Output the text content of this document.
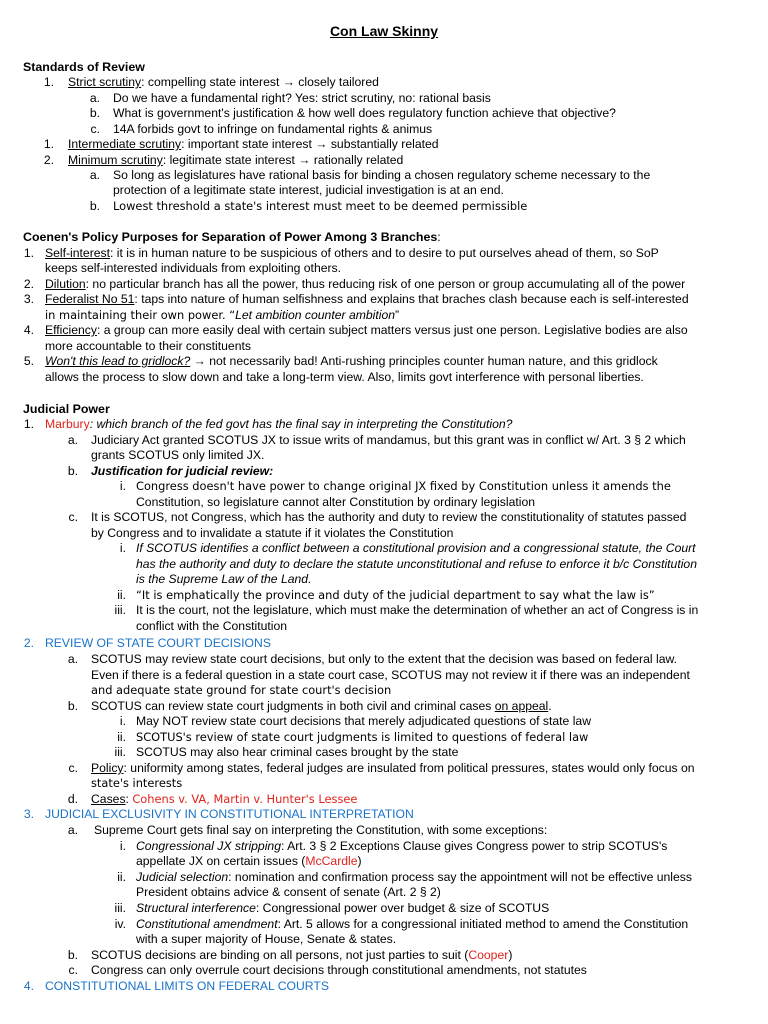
Con Law Skinny
Standards of Review
1. Strict scrutiny: compelling state interest → closely tailored
a. Do we have a fundamental right? Yes: strict scrutiny, no: rational basis
b. What is government's justification & how well does regulatory function achieve that objective?
c. 14A forbids govt to infringe on fundamental rights & animus
1. Intermediate scrutiny: important state interest → substantially related
2. Minimum scrutiny: legitimate state interest → rationally related
a. So long as legislatures have rational basis for binding a chosen regulatory scheme necessary to the
protection of a legitimate state interest, judicial investigation is at an end.
b. Lowest threshold a state's interest must meet to be deemed permissible
Coenen's Policy Purposes for Separation of Power Among 3 Branches:
1. Self-interest: it is in human nature to be suspicious of others and to desire to put ourselves ahead of them, so SoP
keeps self-interested individuals from exploiting others.
2. Dilution: no particular branch has all the power, thus reducing risk of one person or group accumulating all of the power
3. Federalist No 51: taps into nature of human selfishness and explains that braches clash because each is self-interested
in maintaining their own power. “Let ambition counter ambition”
4. Efficiency: a group can more easily deal with certain subject matters versus just one person. Legislative bodies are also
more accountable to their constituents
5. Won't this lead to gridlock? → not necessarily bad! Anti-rushing principles counter human nature, and this gridlock
allows the process to slow down and take a long-term view. Also, limits govt interference with personal liberties.
Judicial Power
1. Marbury: which branch of the fed govt has the final say in interpreting the Constitution?
a. Judiciary Act granted SCOTUS JX to issue writs of mandamus, but this grant was in conflict w/ Art. 3 § 2 which
grants SCOTUS only limited JX.
b. Justification for judicial review:
i. Congress doesn't have power to change original JX fixed by Constitution unless it amends the
Constitution, so legislature cannot alter Constitution by ordinary legislation
c. It is SCOTUS, not Congress, which has the authority and duty to review the constitutionality of statutes passed
by Congress and to invalidate a statute if it violates the Constitution
i. If SCOTUS identifies a conflict between a constitutional provision and a congressional statute, the Court
has the authority and duty to declare the statute unconstitutional and refuse to enforce it b/c Constitution
is the Supreme Law of the Land.
ii. “It is emphatically the province and duty of the judicial department to say what the law is”
iii. It is the court, not the legislature, which must make the determination of whether an act of Congress is in
conflict with the Constitution
2. REVIEW OF STATE COURT DECISIONS
a. SCOTUS may review state court decisions, but only to the extent that the decision was based on federal law.
Even if there is a federal question in a state court case, SCOTUS may not review it if there was an independent
and adequate state ground for state court's decision
b. SCOTUS can review state court judgments in both civil and criminal cases on appeal.
i. May NOT review state court decisions that merely adjudicated questions of state law
ii. SCOTUS's review of state court judgments is limited to questions of federal law
iii. SCOTUS may also hear criminal cases brought by the state
c. Policy: uniformity among states, federal judges are insulated from political pressures, states would only focus on
state's interests
d. Cases: Cohens v. VA, Martin v. Hunter's Lessee
3. JUDICIAL EXCLUSIVITY IN CONSTITUTIONAL INTERPRETATION
a. Supreme Court gets final say on interpreting the Constitution, with some exceptions:
i. Congressional JX stripping: Art. 3 § 2 Exceptions Clause gives Congress power to strip SCOTUS's
appellate JX on certain issues (McCardle)
ii. Judicial selection: nomination and confirmation process say the appointment will not be effective unless
President obtains advice & consent of senate (Art. 2 § 2)
iii. Structural interference: Congressional power over budget & size of SCOTUS
iv. Constitutional amendment: Art. 5 allows for a congressional initiated method to amend the Constitution
with a super majority of House, Senate & states.
b. SCOTUS decisions are binding on all persons, not just parties to suit (Cooper)
c. Congress can only overrule court decisions through constitutional amendments, not statutes
4. CONSTITUTIONAL LIMITS ON FEDERAL COURTS
